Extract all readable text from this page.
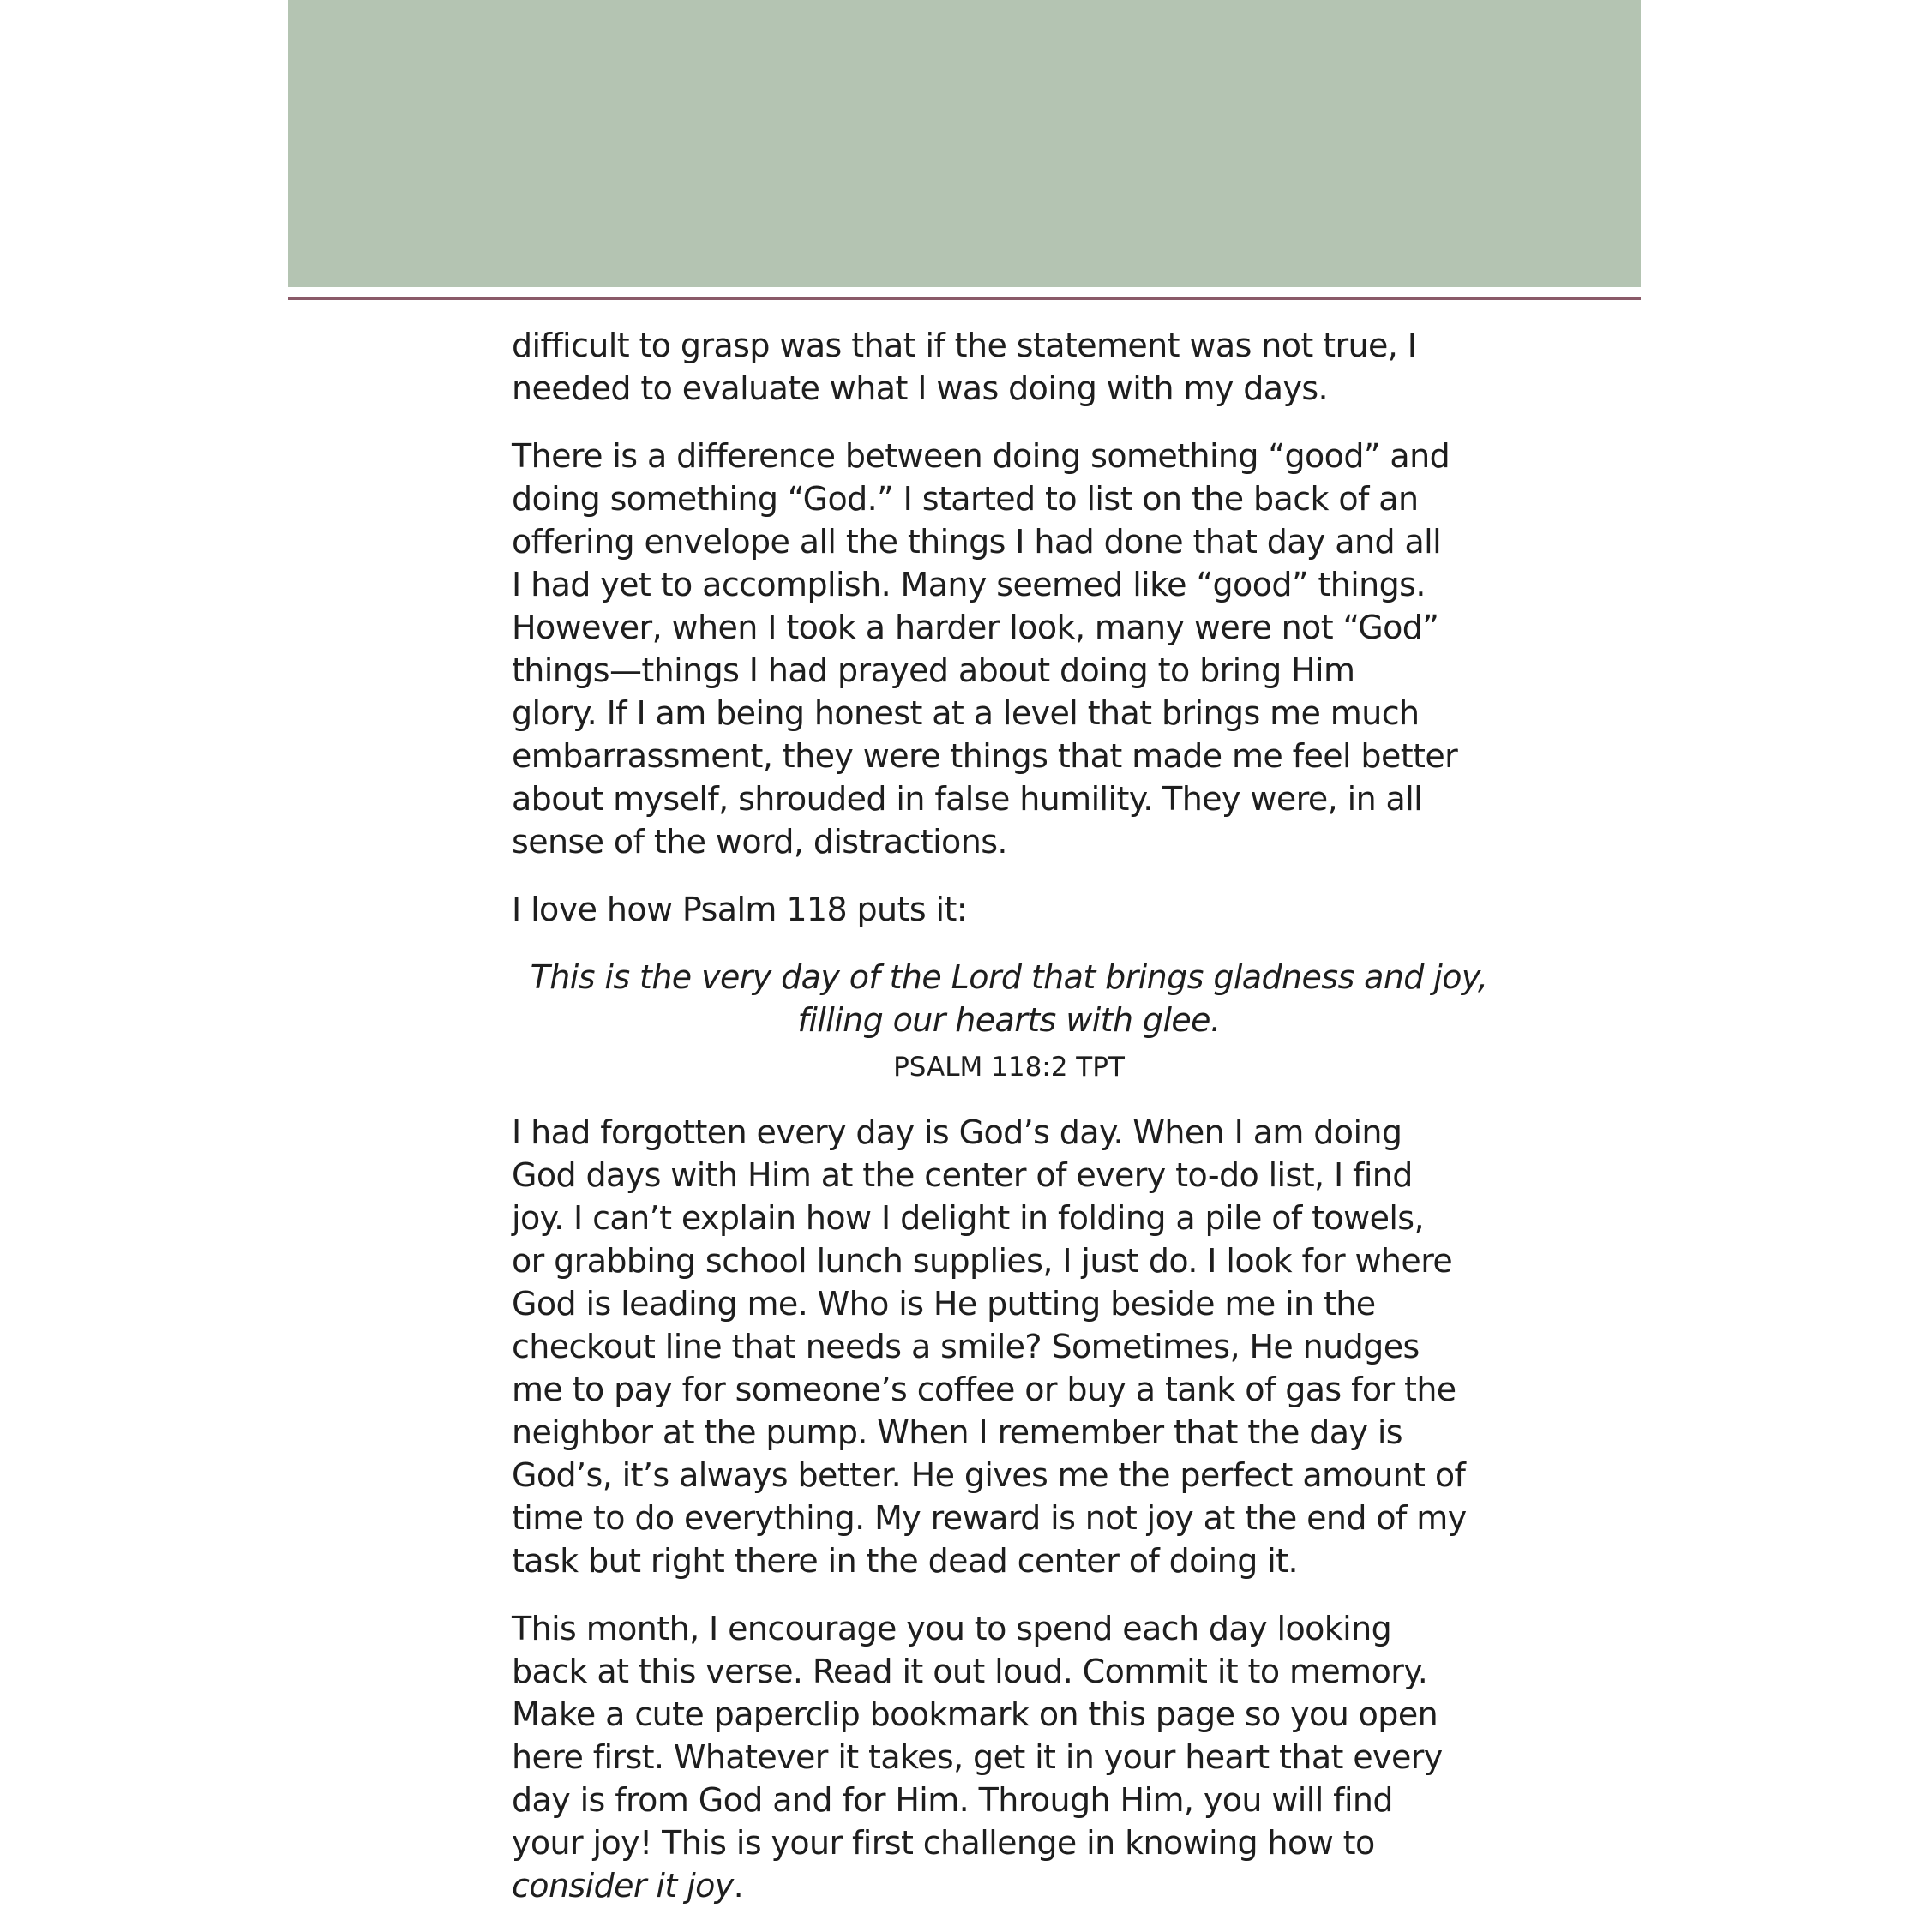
difficult to grasp was that if the statement was not true, I
needed to evaluate what I was doing with my days.

There is a difference between doing something “good” and
doing something “God.” I started to list on the back of an
offering envelope all the things I had done that day and all
I had yet to accomplish. Many seemed like “good” things.
However, when I took a harder look, many were not “God”
things—things I had prayed about doing to bring Him
glory. If I am being honest at a level that brings me much
embarrassment, they were things that made me feel better
about myself, shrouded in false humility. They were, in all
sense of the word, distractions.

I love how Psalm 118 puts it:

This is the very day of the Lord that brings gladness and joy,
filling our hearts with glee.

PSALM 118:2 TPT

I had forgotten every day is God’s day. When I am doing
God days with Him at the center of every to-do list, I find
joy. I can’t explain how I delight in folding a pile of towels,
or grabbing school lunch supplies, I just do. I look for where
God is leading me. Who is He putting beside me in the
checkout line that needs a smile? Sometimes, He nudges
me to pay for someone’s coffee or buy a tank of gas for the
neighbor at the pump. When I remember that the day is
God’s, it’s always better. He gives me the perfect amount of
time to do everything. My reward is not joy at the end of my
task but right there in the dead center of doing it.

This month, I encourage you to spend each day looking
back at this verse. Read it out loud. Commit it to memory.
Make a cute paperclip bookmark on this page so you open
here first. Whatever it takes, get it in your heart that every
day is from God and for Him. Through Him, you will find
your joy! This is your first challenge in knowing how to
consider it joy.
